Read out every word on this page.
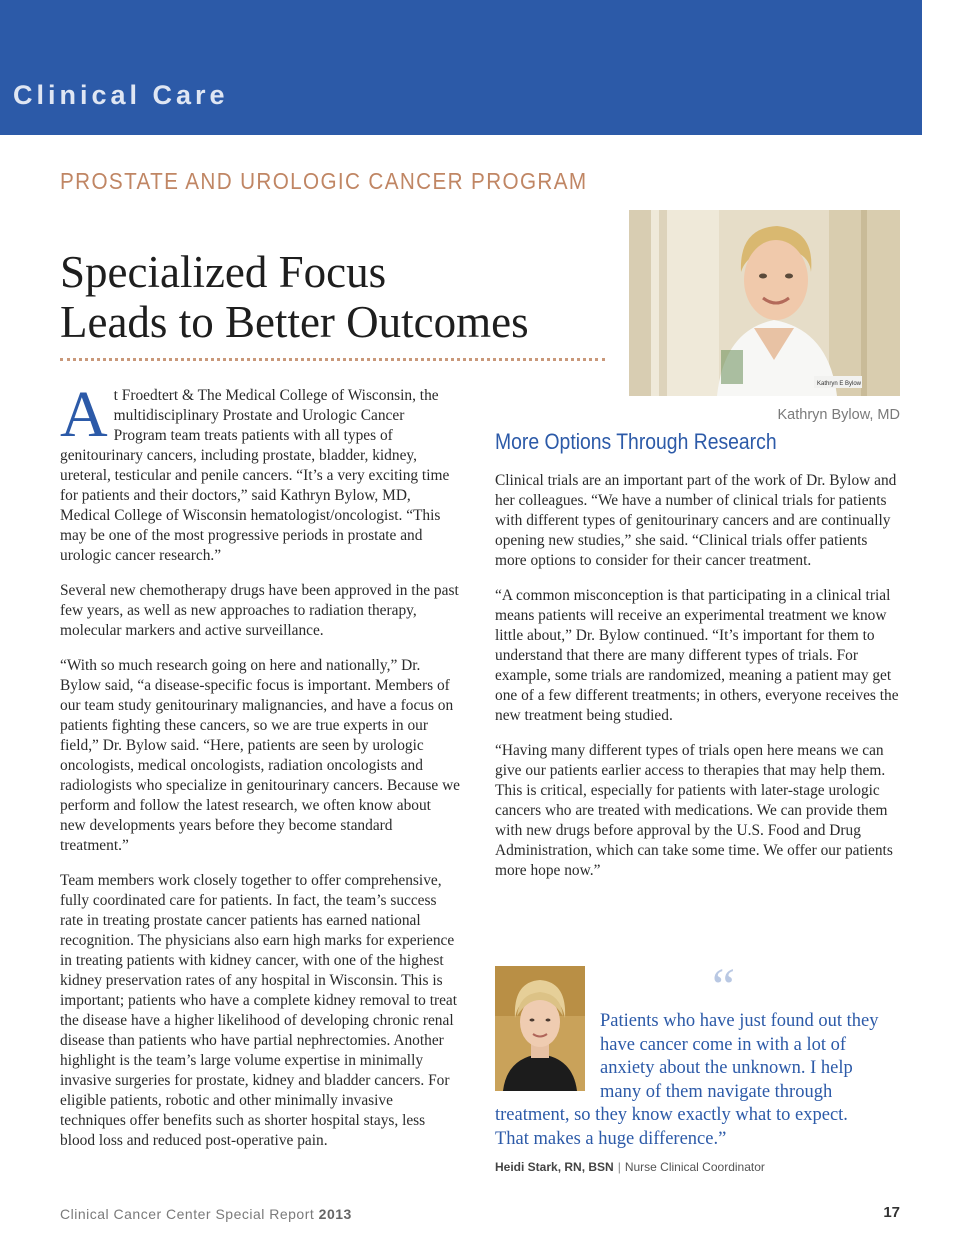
Clinical Care
PROSTATE AND UROLOGIC CANCER PROGRAM
Specialized Focus
Leads to Better Outcomes

At Froedtert & The Medical College of Wisconsin, the multidisciplinary Prostate and Urologic Cancer Program team treats patients with all types of genitourinary cancers, including prostate, bladder, kidney, ureteral, testicular and penile cancers. “It’s a very exciting time for patients and their doctors,” said Kathryn Bylow, MD, Medical College of Wisconsin hematologist/oncologist. “This may be one of the most progressive periods in prostate and urologic cancer research.”

Several new chemotherapy drugs have been approved in the past few years, as well as new approaches to radiation therapy, molecular markers and active surveillance.

“With so much research going on here and nationally,” Dr. Bylow said, “a disease-specific focus is important. Members of our team study genitourinary malignancies, and have a focus on patients fighting these cancers, so we are true experts in our field,” Dr. Bylow said. “Here, patients are seen by urologic oncologists, medical oncologists, radiation oncologists and radiologists who specialize in genitourinary cancers. Because we perform and follow the latest research, we often know about new developments years before they become standard treatment.”

Team members work closely together to offer comprehensive, fully coordinated care for patients. In fact, the team’s success rate in treating prostate cancer patients has earned national recognition. The physicians also earn high marks for experience in treating patients with kidney cancer, with one of the highest kidney preservation rates of any hospital in Wisconsin. This is important; patients who have a complete kidney removal to treat the disease have a higher likelihood of developing chronic renal disease than patients who have partial nephrectomies. Another highlight is the team’s large volume expertise in minimally invasive surgeries for prostate, kidney and bladder cancers. For eligible patients, robotic and other minimally invasive techniques offer benefits such as shorter hospital stays, less blood loss and reduced post-operative pain.

Kathryn E Bylow
Kathryn Bylow, MD
More Options Through Research

Clinical trials are an important part of the work of Dr. Bylow and her colleagues. “We have a number of clinical trials for patients with different types of genitourinary cancers and are continually opening new studies,” she said. “Clinical trials offer patients more options to consider for their cancer treatment.

“A common misconception is that participating in a clinical trial means patients will receive an experimental treatment we know little about,” Dr. Bylow continued. “It’s important for them to understand that there are many different types of trials. For example, some trials are randomized, meaning a patient may get one of a few different treatments; in others, everyone receives the new treatment being studied.

“Having many different types of trials open here means we can give our patients earlier access to therapies that may help them. This is critical, especially for patients with later-stage urologic cancers who are treated with medications. We can provide them with new drugs before approval by the U.S. Food and Drug Administration, which can take some time. We offer our patients more hope now.”

“
Patients who have just found out they
have cancer come in with a lot of
anxiety about the unknown. I help
many of them navigate through
treatment, so they know exactly what to expect.
That makes a huge difference.”
Heidi Stark, RN, BSN | Nurse Clinical Coordinator
Clinical Cancer Center Special Report 2013	17
